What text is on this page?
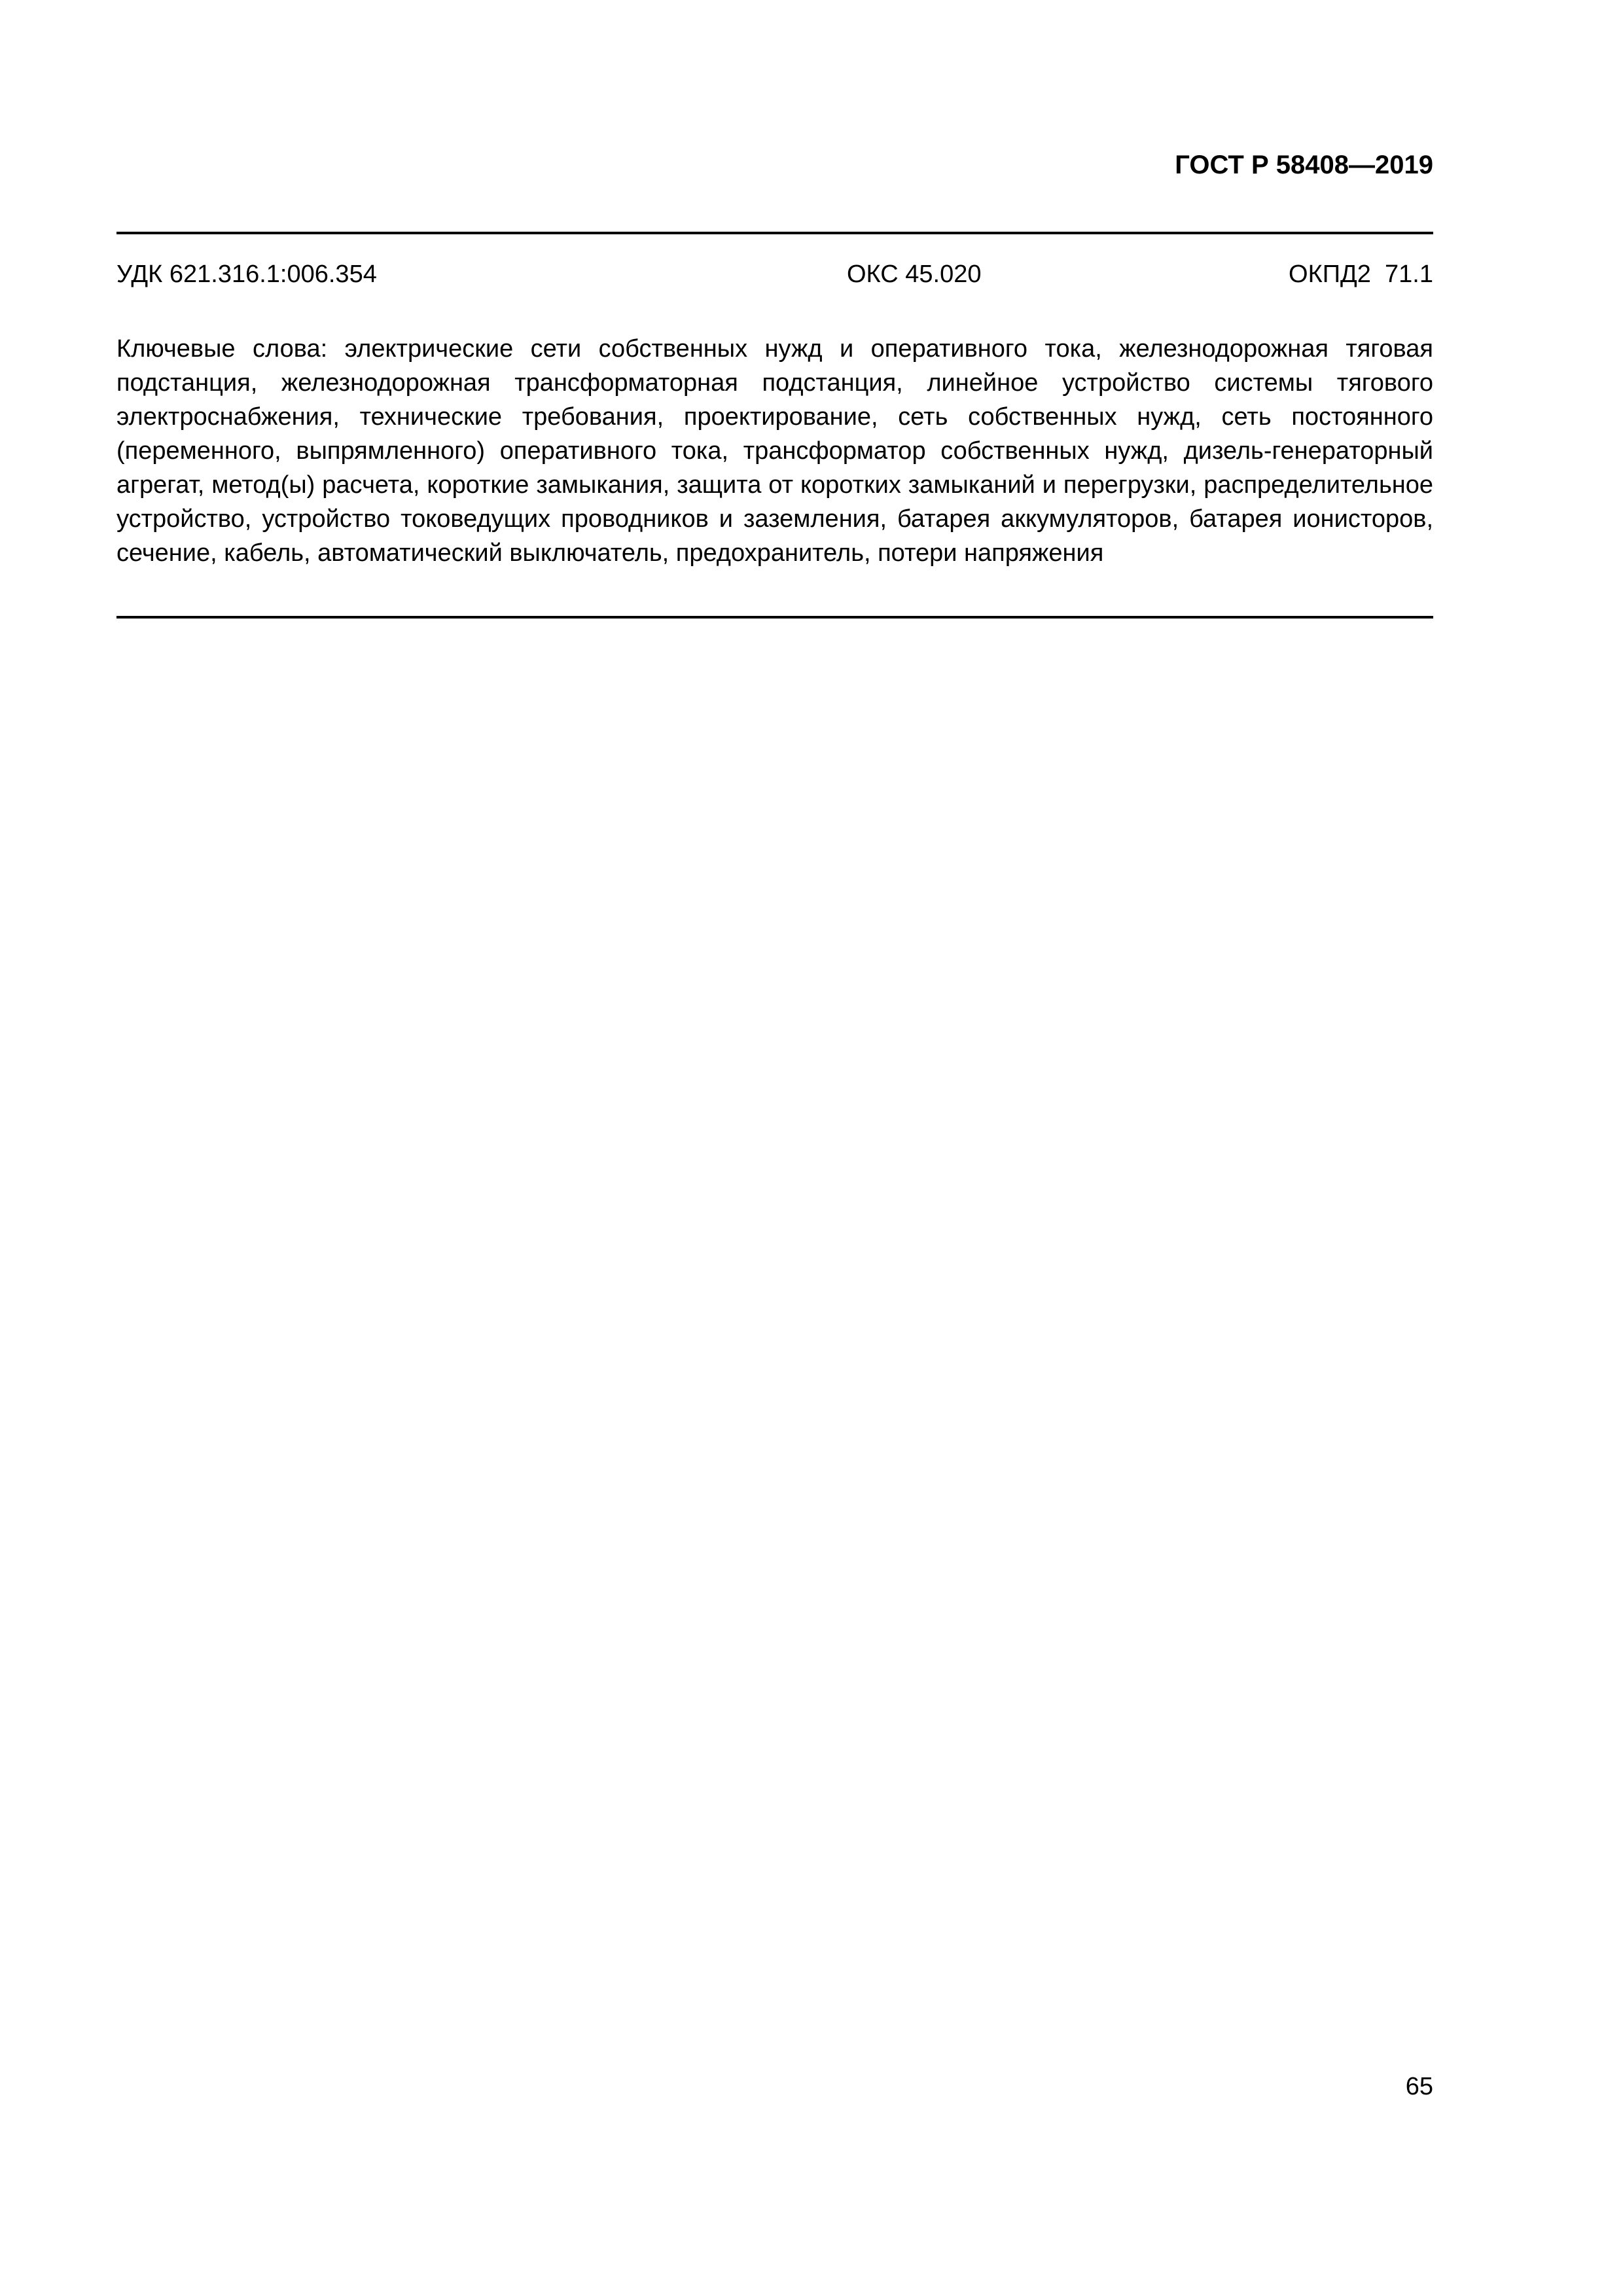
ГОСТ Р 58408—2019
УДК 621.316.1:006.354	ОКС 45.020	ОКПД2  71.1

Ключевые слова: электрические сети собственных нужд и оперативного тока, железнодорожная тяговая подстанция, железнодорожная трансформаторная подстанция, линейное устройство системы тягового электроснабжения, технические требования, проектирование, сеть собственных нужд, сеть постоянного (переменного, выпрямленного) оперативного тока, трансформатор собственных нужд, дизель-генераторный агрегат, метод(ы) расчета, короткие замыкания, защита от коротких замыканий и перегрузки, распределительное устройство, устройство токоведущих проводников и заземления, батарея аккумуляторов, батарея ионисторов, сечение, кабель, автоматический выключатель, предохранитель, потери напряжения

65
